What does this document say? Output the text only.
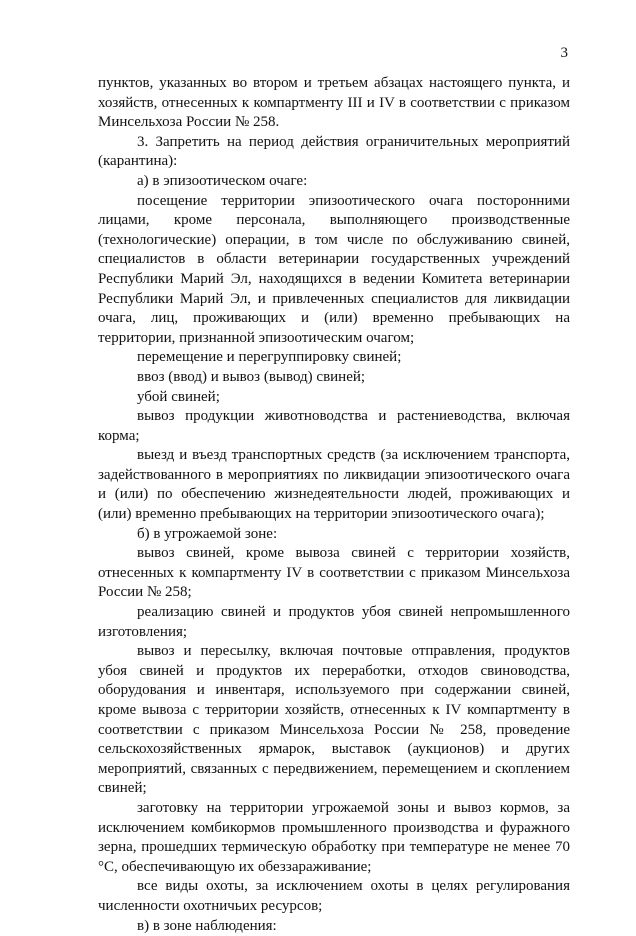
3

пунктов, указанных во втором и третьем абзацах настоящего пункта, и хозяйств, отнесенных к компартменту III и IV в соответствии с приказом Минсельхоза России № 258.

3. Запретить на период действия ограничительных мероприятий (карантина):

а) в эпизоотическом очаге:

посещение территории эпизоотического очага посторонними лицами, кроме персонала, выполняющего производственные (технологические) операции, в том числе по обслуживанию свиней, специалистов в области ветеринарии государственных учреждений Республики Марий Эл, находящихся в ведении Комитета ветеринарии Республики Марий Эл, и привлеченных специалистов для ликвидации очага, лиц, проживающих и (или) временно пребывающих на территории, признанной эпизоотическим очагом;

перемещение и перегруппировку свиней;

ввоз (ввод) и вывоз (вывод) свиней;

убой свиней;

вывоз продукции животноводства и растениеводства, включая корма;

выезд и въезд транспортных средств (за исключением транспорта, задействованного в мероприятиях по ликвидации эпизоотического очага и (или) по обеспечению жизнедеятельности людей, проживающих и (или) временно пребывающих на территории эпизоотического очага);

б) в угрожаемой зоне:

вывоз свиней, кроме вывоза свиней с территории хозяйств, отнесенных к компартменту IV в соответствии с приказом Минсельхоза России № 258;

реализацию свиней и продуктов убоя свиней непромышленного изготовления;

вывоз и пересылку, включая почтовые отправления, продуктов убоя свиней и продуктов их переработки, отходов свиноводства, оборудования и инвентаря, используемого при содержании свиней, кроме вывоза с территории хозяйств, отнесенных к IV компартменту в соответствии с приказом Минсельхоза России № 258, проведение сельскохозяйственных ярмарок, выставок (аукционов) и других мероприятий, связанных с передвижением, перемещением и скоплением свиней;

заготовку на территории угрожаемой зоны и вывоз кормов, за исключением комбикормов промышленного производства и фуражного зерна, прошедших термическую обработку при температуре не менее 70 °С, обеспечивающую их обеззараживание;

все виды охоты, за исключением охоты в целях регулирования численности охотничьих ресурсов;

в) в зоне наблюдения:
